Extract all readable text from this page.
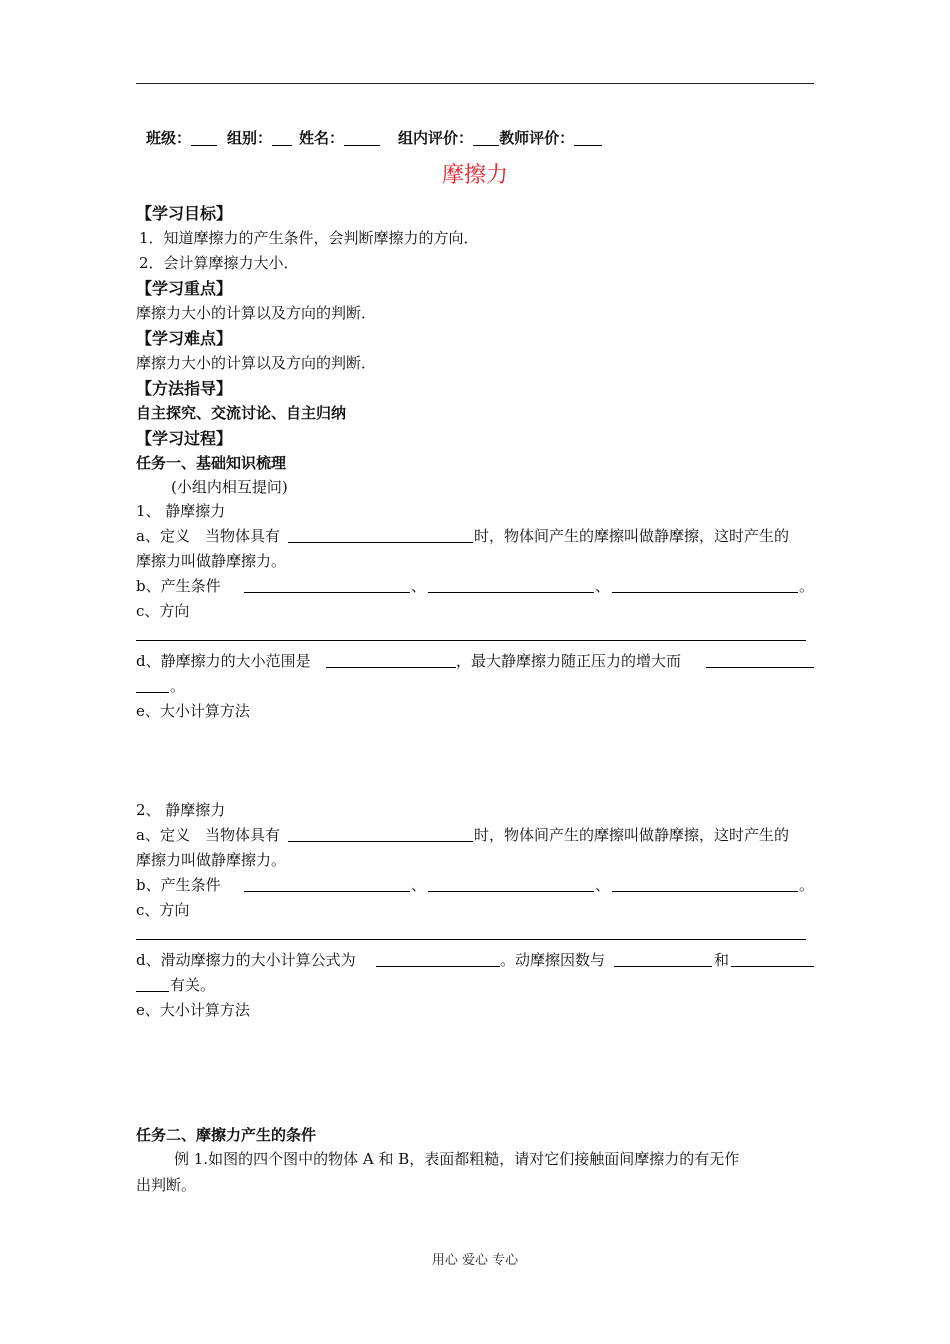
班级： 组别： 姓名：	组内评价： 教师评价：
摩擦力
【学习目标】
1．知道摩擦力的产生条件，会判断摩擦力的方向．
2．会计算摩擦力大小．
【学习重点】
摩擦力大小的计算以及方向的判断．
【学习难点】
摩擦力大小的计算以及方向的判断．
【方法指导】
自主探究、交流讨论、自主归纳
【学习过程】
任务一、基础知识梳理
(小组内相互提问)
1、 静摩擦力
a、定义　当物体具有	时，物体间产生的摩擦叫做静摩擦，这时产生的
摩擦力叫做静摩擦力。
b、产生条件	、	、	。
c、方向
d、静摩擦力的大小范围是	，最大静摩擦力随正压力的增大而
。
e、大小计算方法
2、 静摩擦力
a、定义　当物体具有	时，物体间产生的摩擦叫做静摩擦，这时产生的
摩擦力叫做静摩擦力。
b、产生条件	、	、	。
c、方向
d、滑动摩擦力的大小计算公式为	。动摩擦因数与	和
有关。
e、大小计算方法
任务二、摩擦力产生的条件
例 1.如图的四个图中的物体 A 和 B，表面都粗糙，请对它们接触面间摩擦力的有无作
出判断。
用心 爱心 专心
